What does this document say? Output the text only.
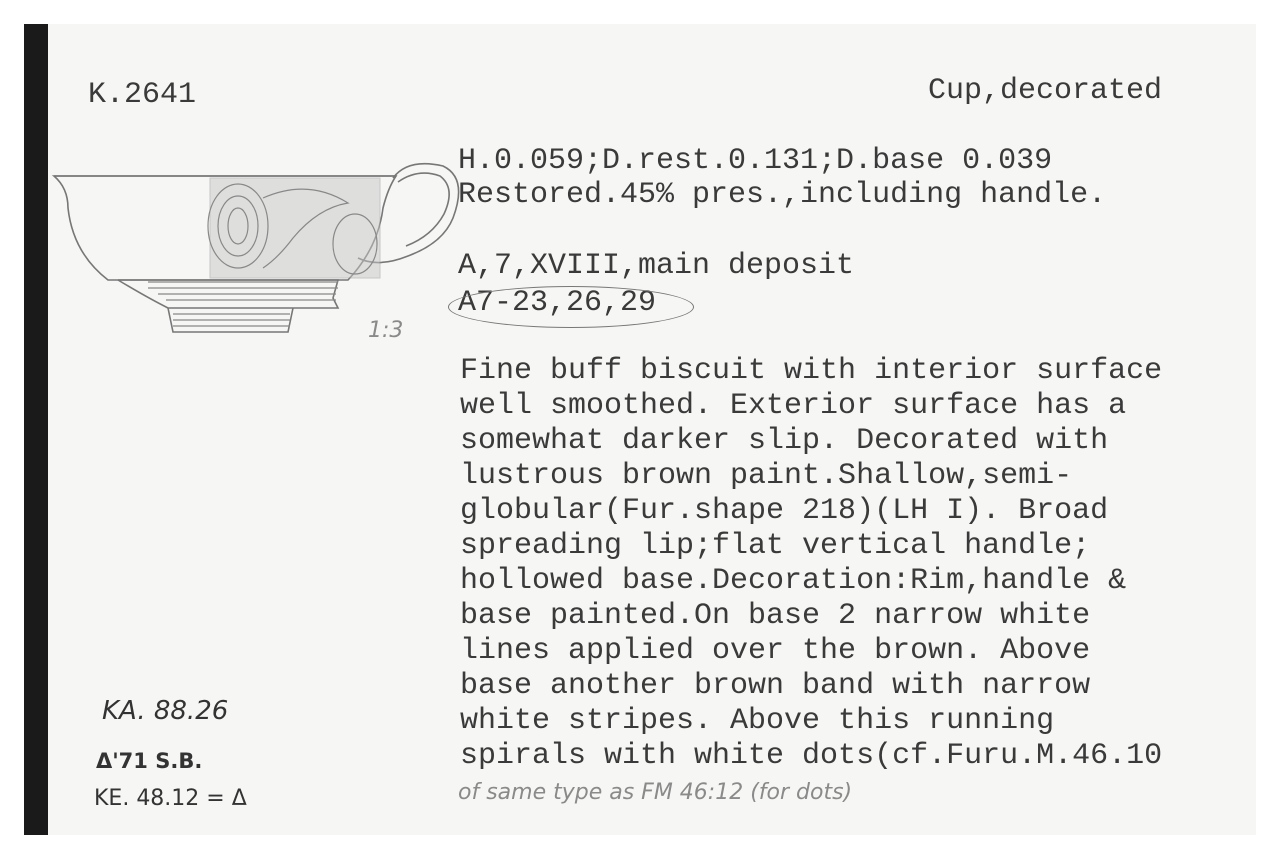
K.2641	Cup,decorated
H.0.059;D.rest.0.131;D.base 0.039
Restored.45% pres.,including handle.
A,7,XVIII,main deposit
A7-23,26,29
1:3
Fine buff biscuit with interior surface
well smoothed. Exterior surface has a
somewhat darker slip. Decorated with
lustrous brown paint.Shallow,semi-
globular(Fur.shape 218)(LH I). Broad
spreading lip;flat vertical handle;
hollowed base.Decoration:Rim,handle &
base painted.On base 2 narrow white
lines applied over the brown. Above
base another brown band with narrow
white stripes. Above this running
spirals with white dots(cf.Furu.M.46.10
of same type as FM 46:12 (for dots)
KA. 88.26
Δ'71 S.B.
KE. 48.12 = Δ
